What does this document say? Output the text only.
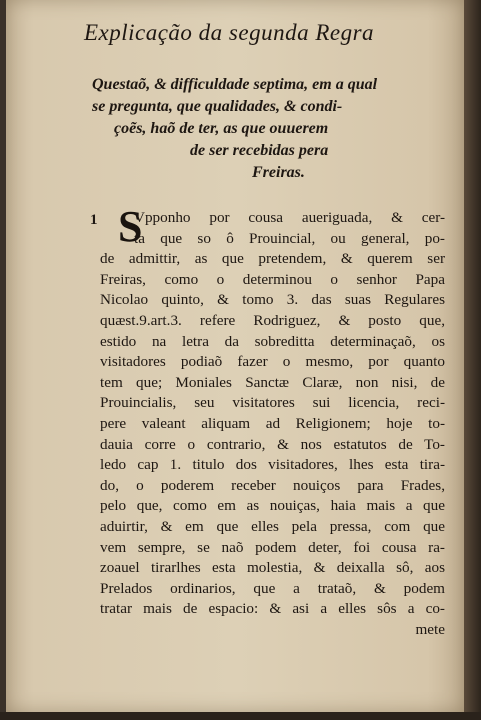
Explicação da segunda Regra
Questaõ, & difficuldade septima, em a qual
se pregunta, que qualidades, & condi-
çoẽs, haõ de ter, as que ouuerem
de ser recebidas pera
Freiras.
1 S
Vpponho por cousa aueriguada, & cer-
ta que so ô Prouincial, ou general, po-
de admittir, as que pretendem, & querem ser
Freiras, como o determinou o senhor Papa
Nicolao quinto, & tomo 3. das suas Regulares
quæst.9.art.3. refere Rodriguez, & posto que,
estido na letra da sobreditta determinaçaõ, os
visitadores podiaõ fazer o mesmo, por quanto
tem que; Moniales Sanctæ Claræ, non nisi, de
Prouincialis, seu visitatores sui licencia, reci-
pere valeant aliquam ad Religionem; hoje to-
dauia corre o contrario, & nos estatutos de To-
ledo cap 1. titulo dos visitadores, lhes esta tira-
do, o poderem receber nouiços para Frades,
pelo que, como em as nouiças, haia mais a que
aduirtir, & em que elles pela pressa, com que
vem sempre, se naõ podem deter, foi cousa ra-
zoauel tirarlhes esta molestia, & deixalla sô, aos
Prelados ordinarios, que a trataõ, & podem
tratar mais de espacio: & asi a elles sôs a co-
mete
